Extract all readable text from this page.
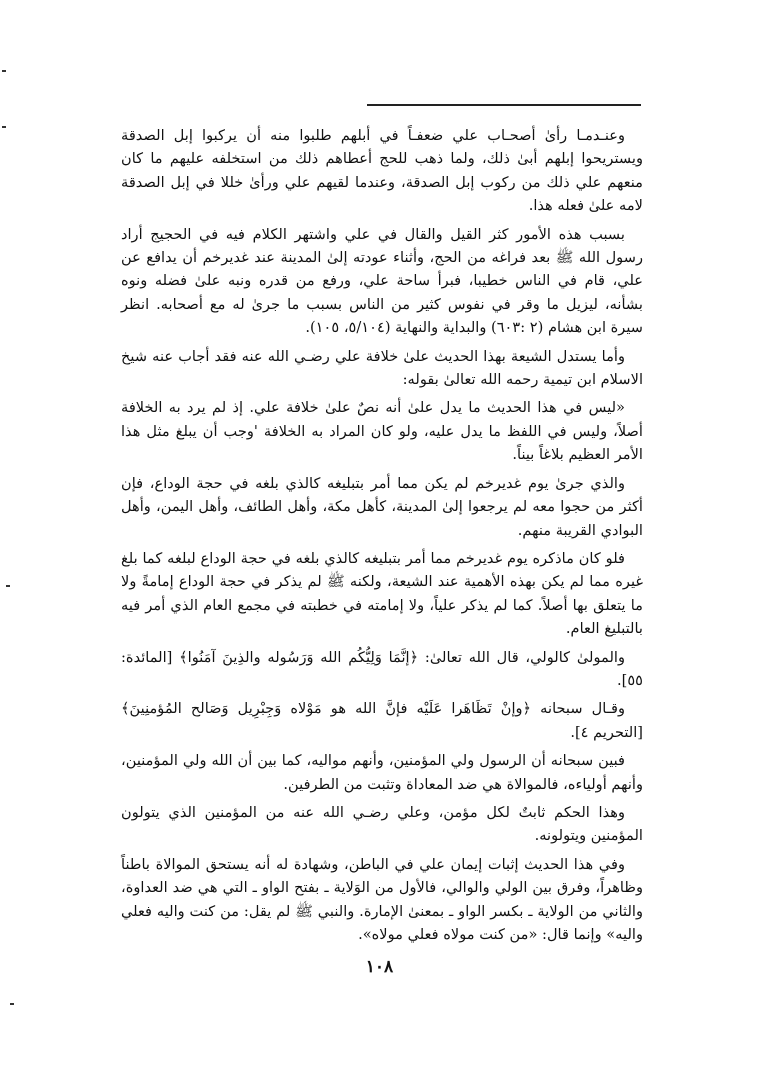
وعنـدمـا رأىٰ أصحـاب علي ضعفـاً في أبلهم طلبوا منه أن يركبوا إبل الصدقة ويستريحوا إبلهم أبىٰ ذلك، ولما ذهب للحج أعطاهم ذلك من استخلفه عليهم ما كان منعهم علي ذلك من ركوب إبل الصدقة، وعندما لقيهم علي ورأىٰ خللا في إبل الصدقة لامه علىٰ فعله هذا.

بسبب هذه الأمور كثر القيل والقال في علي واشتهر الكلام فيه في الحجيج أراد رسول الله ﷺ بعد فراغه من الحج، وأثناء عودته إلىٰ المدينة عند غديرخم أن يدافع عن علي، قام في الناس خطيبا، فبرأ ساحة علي، ورفع من قدره ونبه علىٰ فضله ونوه بشأنه، ليزيل ما وقر في نفوس كثير من الناس بسبب ما جرىٰ له مع أصحابه. انظر سيرة ابن هشام (٢ :٦٠٣) والبداية والنهاية (٥/١٠٤، ١٠٥).

وأما يستدل الشيعة بهذا الحديث علىٰ خلافة علي رضـي الله عنه فقد أجاب عنه شيخ الاسلام ابن تيمية رحمه الله تعالىٰ بقوله:

«ليس في هذا الحديث ما يدل علىٰ أنه نصٌ علىٰ خلافة علي. إذ لم يرد به الخلافة أصلاً، وليس في اللفظ ما يدل عليه، ولو كان المراد به الخلافة 'وجب أن يبلغ مثل هذا الأمر العظيم بلاغاً بيناً.

والذي جرىٰ يوم غديرخم لم يكن مما أمر بتبليغه كالذي بلغه في حجة الوداع، فإن أكثر من حجوا معه لم يرجعوا إلىٰ المدينة، كأهل مكة، وأهل الطائف، وأهل اليمن، وأهل البوادي القريبة منهم.

فلو كان ماذكره يوم غديرخم مما أمر بتبليغه كالذي بلغه في حجة الوداع لبلغه كما بلغ غيره مما لم يكن بهذه الأهمية عند الشيعة، ولكنه ﷺ لم يذكر في حجة الوداع إمامةً ولا ما يتعلق بها أصلاً. كما لم يذكر علياً، ولا إمامته في خطبته في مجمع العام الذي أمر فيه بالتبليغ العام.

والمولىٰ كالولي، قال الله تعالىٰ: ﴿إنَّمَا وَلِيُّكُم الله وَرَسُوله والذِينَ آمَنُوا﴾ [المائدة: ٥٥].

وقـال سبحانه ﴿وإنْ تَظَاهَرا عَلَيْه فإنَّ الله هو مَوْلاه وَجِبْرِيل وَصَالح المُؤمنِينَ﴾ [التحريم ٤].

فبين سبحانه أن الرسول ولي المؤمنين، وأنهم مواليه، كما بين أن الله ولي المؤمنين، وأنهم أولياءه، فالموالاة هي ضد المعاداة وتثبت من الطرفين.

وهذا الحكم ثابتٌ لكل مؤمن، وعلي رضـي الله عنه من المؤمنين الذي يتولون المؤمنين ويتولونه.

وفي هذا الحديث إثبات إيمان علي في الباطن، وشهادة له أنه يستحق الموالاة باطناً وظاهراً، وفرق بين الولي والوالي، فالأول من الوَلاية ـ بفتح الواو ـ التي هي ضد العداوة، والثاني من الولاية ـ بكسر الواو ـ بمعنىٰ الإمارة. والنبي ﷺ لم يقل: من كنت واليه فعلي واليه» وإنما قال: «من كنت مولاه فعلي مولاه».

١٠٨
